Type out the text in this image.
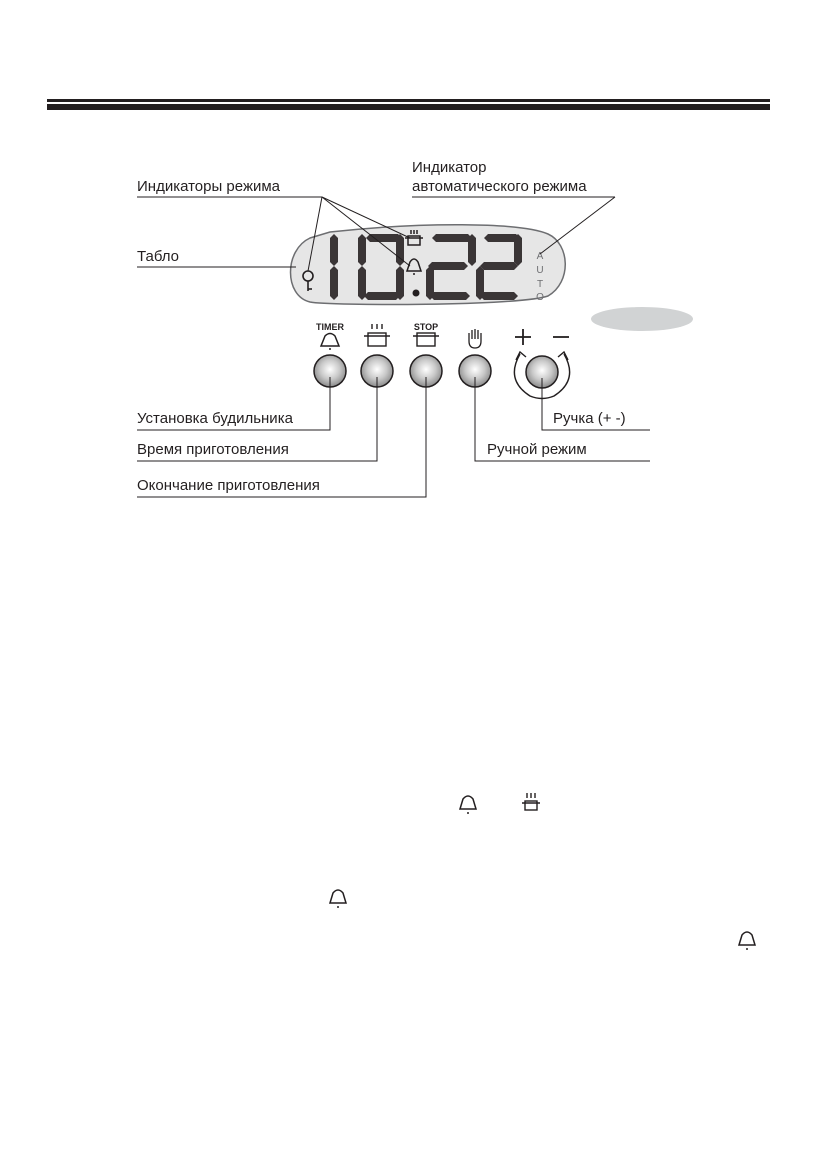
A
U
T
O
TIMER	STOP
Индикаторы режима
Индикатор
автоматического режима
Табло
Установка будильника
Время приготовления
Окончание приготовления
Ручка (+ -)
Ручной режим
